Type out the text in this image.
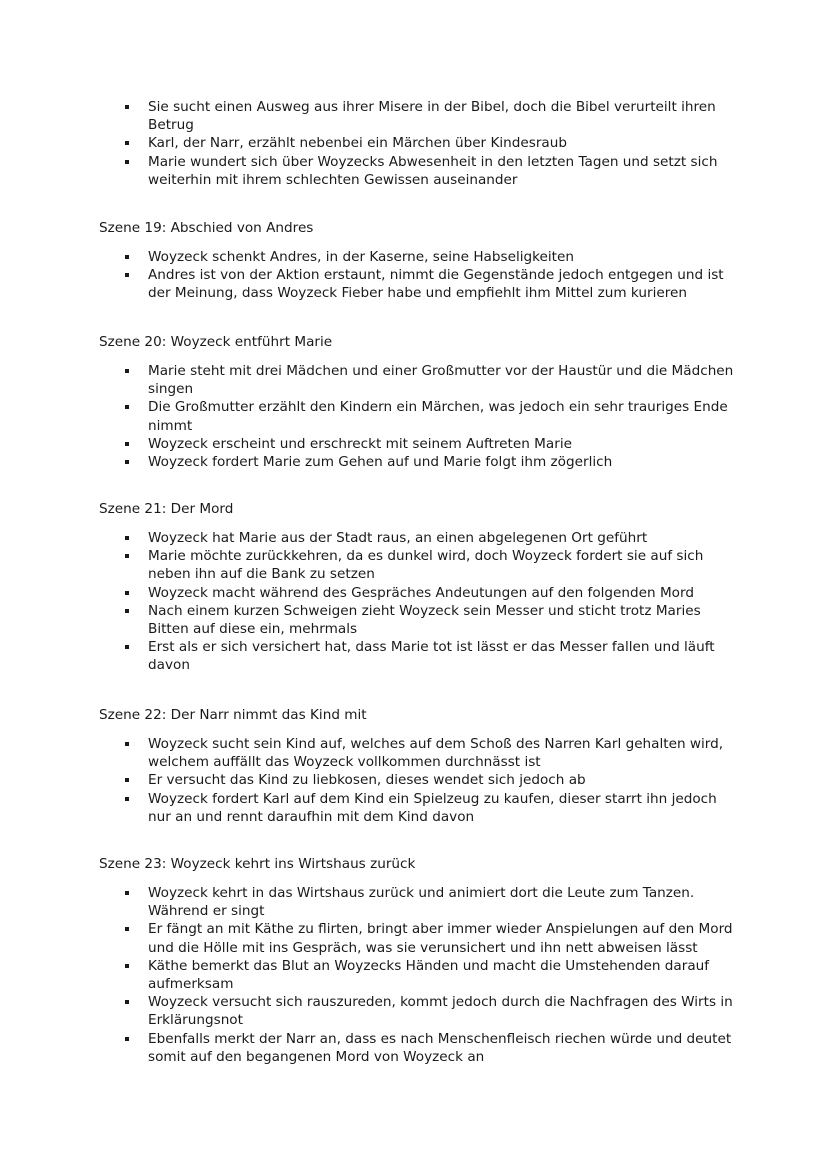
Sie sucht einen Ausweg aus ihrer Misere in der Bibel, doch die Bibel verurteilt ihren Betrug
Karl, der Narr, erzählt nebenbei ein Märchen über Kindesraub
Marie wundert sich über Woyzecks Abwesenheit in den letzten Tagen und setzt sich weiterhin mit ihrem schlechten Gewissen auseinander
Szene 19: Abschied von Andres
Woyzeck schenkt Andres, in der Kaserne, seine Habseligkeiten
Andres ist von der Aktion erstaunt, nimmt die Gegenstände jedoch entgegen und ist der Meinung, dass Woyzeck Fieber habe und empfiehlt ihm Mittel zum kurieren
Szene 20: Woyzeck entführt Marie
Marie steht mit drei Mädchen und einer Großmutter vor der Haustür und die Mädchen singen
Die Großmutter erzählt den Kindern ein Märchen, was jedoch ein sehr trauriges Ende nimmt
Woyzeck erscheint und erschreckt mit seinem Auftreten Marie
Woyzeck fordert Marie zum Gehen auf und Marie folgt ihm zögerlich
Szene 21: Der Mord
Woyzeck hat Marie aus der Stadt raus, an einen abgelegenen Ort geführt
Marie möchte zurückkehren, da es dunkel wird, doch Woyzeck fordert sie auf sich neben ihn auf die Bank zu setzen
Woyzeck macht während des Gespräches Andeutungen auf den folgenden Mord
Nach einem kurzen Schweigen zieht Woyzeck sein Messer und sticht trotz Maries Bitten auf diese ein, mehrmals
Erst als er sich versichert hat, dass Marie tot ist lässt er das Messer fallen und läuft davon
Szene 22: Der Narr nimmt das Kind mit
Woyzeck sucht sein Kind auf, welches auf dem Schoß des Narren Karl gehalten wird, welchem auffällt das Woyzeck vollkommen durchnässt ist
Er versucht das Kind zu liebkosen, dieses wendet sich jedoch ab
Woyzeck fordert Karl auf dem Kind ein Spielzeug zu kaufen, dieser starrt ihn jedoch nur an und rennt daraufhin mit dem Kind davon
Szene 23: Woyzeck kehrt ins Wirtshaus zurück
Woyzeck kehrt in das Wirtshaus zurück und animiert dort die Leute zum Tanzen. Während er singt
Er fängt an mit Käthe zu flirten, bringt aber immer wieder Anspielungen auf den Mord und die Hölle mit ins Gespräch, was sie verunsichert und ihn nett abweisen lässt
Käthe bemerkt das Blut an Woyzecks Händen und macht die Umstehenden darauf aufmerksam
Woyzeck versucht sich rauszureden, kommt jedoch durch die Nachfragen des Wirts in Erklärungsnot
Ebenfalls merkt der Narr an, dass es nach Menschenfleisch riechen würde und deutet somit auf den begangenen Mord von Woyzeck an
